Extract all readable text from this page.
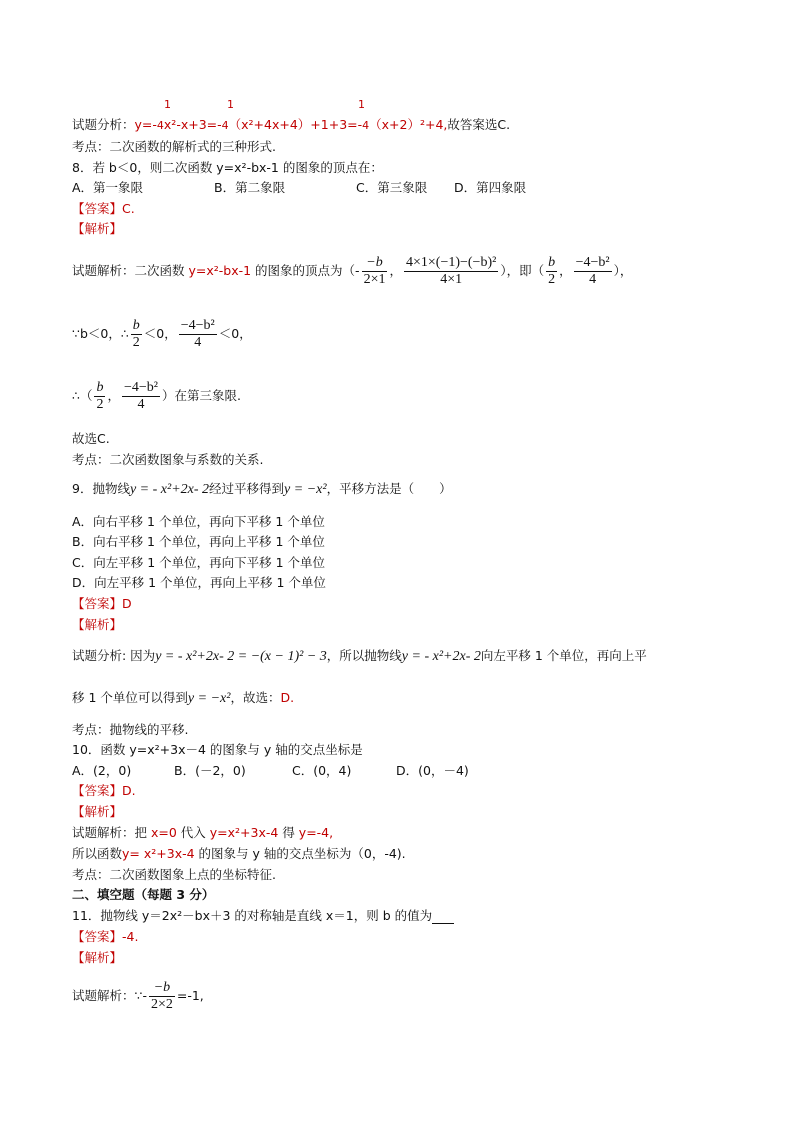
1	1	1
试题分析：y=-4x²-x+3=-4（x²+4x+4）+1+3=-4（x+2）²+4,故答案选C.
考点：二次函数的解析式的三种形式.
8．若 b＜0，则二次函数 y=x²-bx-1 的图象的顶点在：
A．第一象限	B．第二象限	C．第三象限 D．第四象限
【答案】C.
【解析】
试题解析：二次函数 y=x²-bx-1 的图象的顶点为（- $\frac{-b}{2\times 1}$ ， $\frac{\text{4×1×(−1)−(−b)²}}{4\times 1}$ ），即（ $\frac{b}{2}$ ， $\frac{\text{−4−b²}}{4}$ ），
∵b＜0，∴ $\frac{b}{2} <0$， $\frac{\text{−4−b²}}{4} <0$，
∴（ $\frac{b}{2}$ ， $\frac{\text{−4−b²}}{4}$ ）在第三象限.
故选C.
考点：二次函数图象与系数的关系.
9．抛物线y = - x²+2x- 2经过平移得到y = −x²，平移方法是（　　）
A．向右平移 1 个单位，再向下平移 1 个单位
B．向右平移 1 个单位，再向上平移 1 个单位
C．向左平移 1 个单位，再向下平移 1 个单位
D．向左平移 1 个单位，再向上平移 1 个单位
【答案】D
【解析】
试题分析: 因为y = - x²+2x- 2 = −(x − 1)² − 3，所以抛物线y = - x²+2x- 2向左平移 1 个单位，再向上平
移 1 个单位可以得到y = −x²，故选：D.
考点：抛物线的平移.
10．函数 y=x²+3x－4 的图象与 y 轴的交点坐标是
A．(2，0)	B．(－2，0)	C．(0，4)	D．(0，－4)
【答案】D.
【解析】
试题解析：把 x=0 代入 y=x²+3x-4 得 y=-4,
所以函数y= x²+3x-4 的图象与 y 轴的交点坐标为（0，-4).
考点：二次函数图象上点的坐标特征.
二、填空题（每题 3 分）
11．抛物线 y＝2x²－bx＋3 的对称轴是直线 x＝1，则 b 的值为
【答案】-4.
【解析】
试题解析：∵- $\frac{-b}{2\times 2} =-1$,
